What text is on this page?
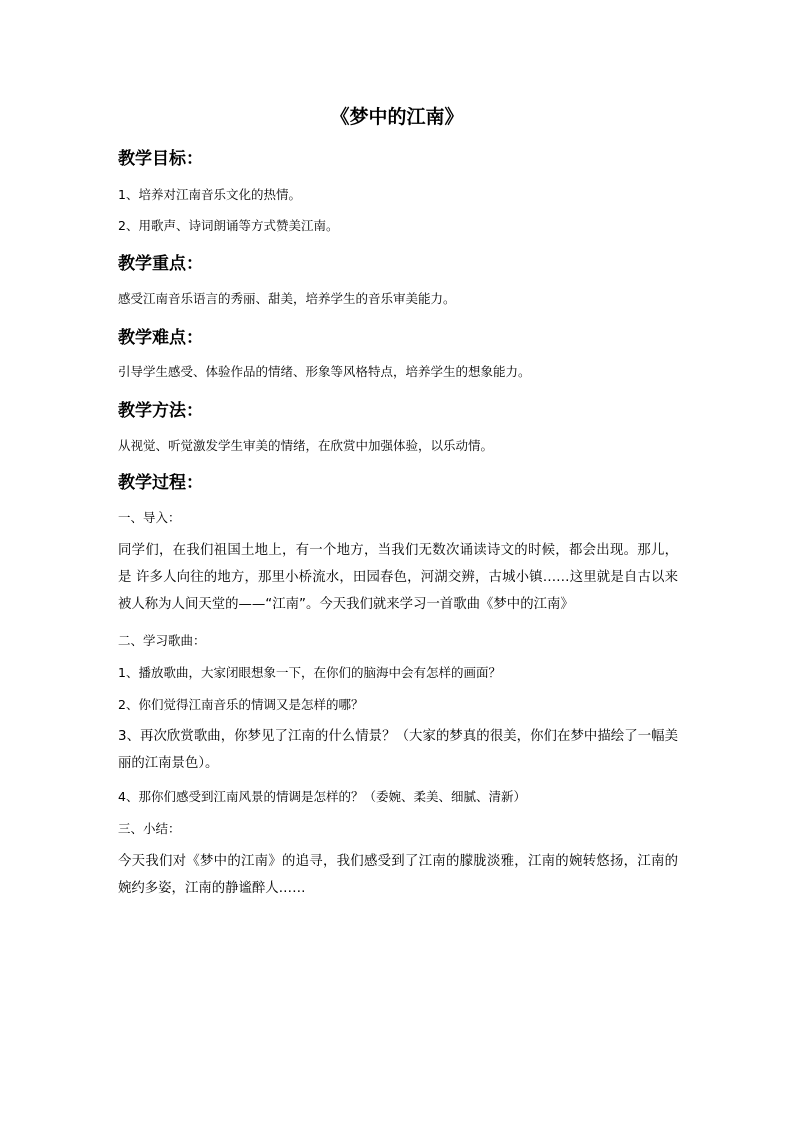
《梦中的江南》
教学目标：
1、培养对江南音乐文化的热情。
2、用歌声、诗词朗诵等方式赞美江南。
教学重点：
感受江南音乐语言的秀丽、甜美，培养学生的音乐审美能力。
教学难点：
引导学生感受、体验作品的情绪、形象等风格特点，培养学生的想象能力。
教学方法：
从视觉、听觉激发学生审美的情绪，在欣赏中加强体验，以乐动情。
教学过程：
一、导入：
同学们，在我们祖国土地上，有一个地方，当我们无数次诵读诗文的时候，都会出现。那儿，是 许多人向往的地方，那里小桥流水，田园春色，河湖交辨，古城小镇……这里就是自古以来被人称为人间天堂的——“江南”。今天我们就来学习一首歌曲《梦中的江南》
二、学习歌曲：
1、播放歌曲，大家闭眼想象一下，在你们的脑海中会有怎样的画面？
2、你们觉得江南音乐的情调又是怎样的哪？
3、再次欣赏歌曲，你梦见了江南的什么情景？（大家的梦真的很美，你们在梦中描绘了一幅美丽的江南景色）。
4、那你们感受到江南风景的情调是怎样的？（委婉、柔美、细腻、清新）
三、小结：
今天我们对《梦中的江南》的追寻，我们感受到了江南的朦胧淡雅，江南的婉转悠扬，江南的婉约多姿，江南的静谧醉人……
